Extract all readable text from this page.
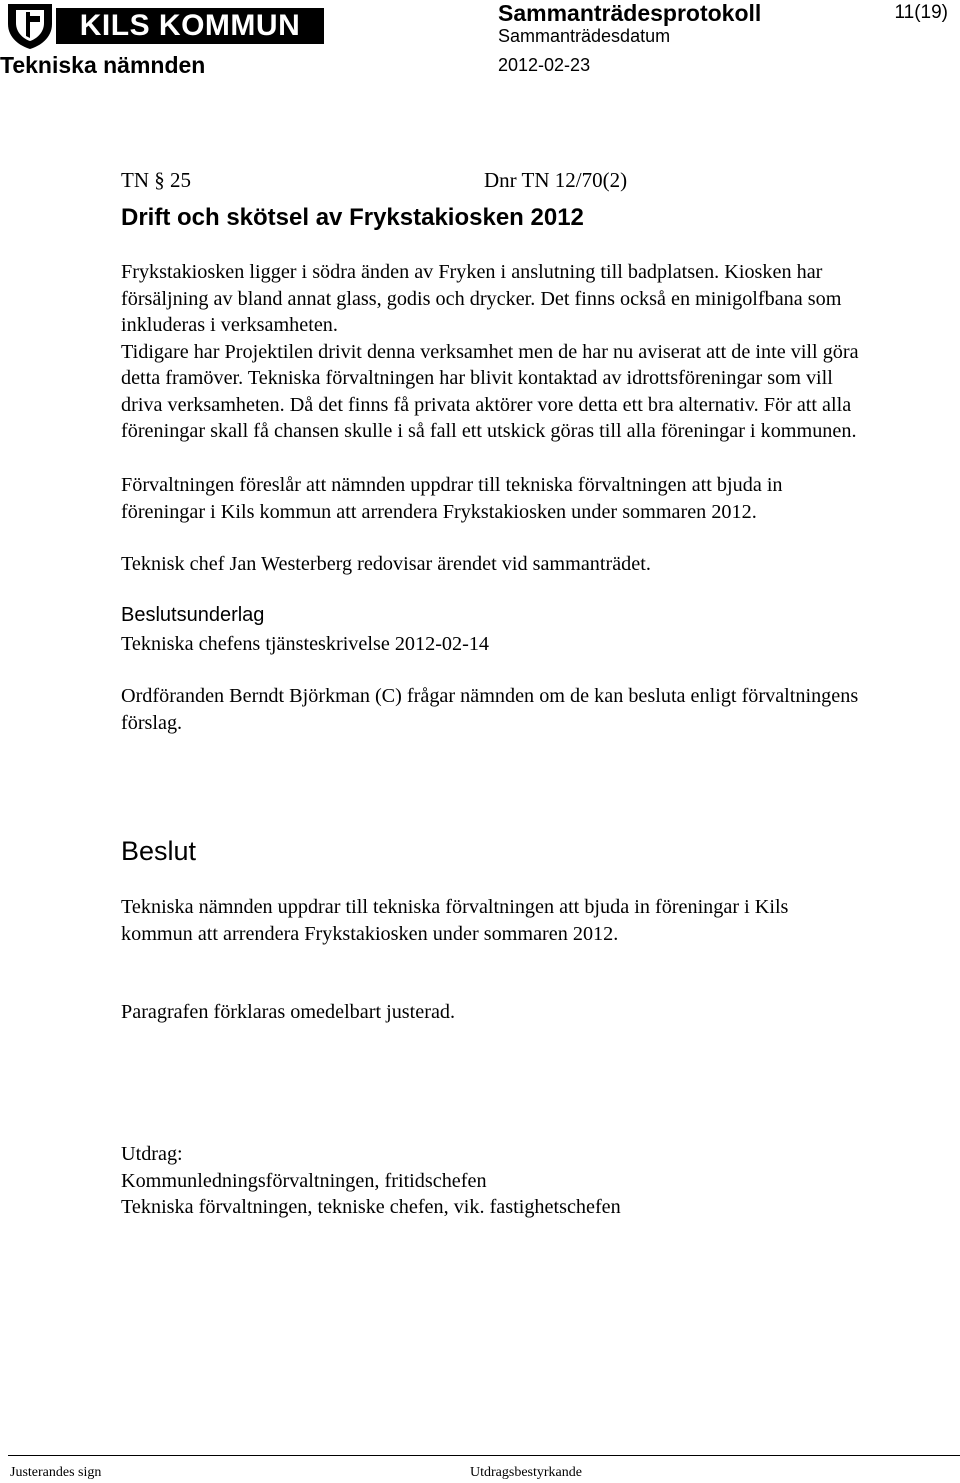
KILS KOMMUN
Tekniska nämnden
Sammanträdesprotokoll
Sammanträdesdatum
2012-02-23
11(19)
TN § 25	Dnr TN 12/70(2)
Drift och skötsel av Frykstakiosken 2012
Frykstakiosken ligger i södra änden av Fryken i anslutning till badplatsen. Kiosken har
försäljning av bland annat glass, godis och drycker. Det finns också en minigolfbana som
inkluderas i verksamheten.
Tidigare har Projektilen drivit denna verksamhet men de har nu aviserat att de inte vill göra
detta framöver. Tekniska förvaltningen har blivit kontaktad av idrottsföreningar som vill
driva verksamheten. Då det finns få privata aktörer vore detta ett bra alternativ. För att alla
föreningar skall få chansen skulle i så fall ett utskick göras till alla föreningar i kommunen.
Förvaltningen föreslår att nämnden uppdrar till tekniska förvaltningen att bjuda in
föreningar i Kils kommun att arrendera Frykstakiosken under sommaren 2012.
Teknisk chef Jan Westerberg redovisar ärendet vid sammanträdet.
Beslutsunderlag
Tekniska chefens tjänsteskrivelse 2012-02-14
Ordföranden Berndt Björkman (C) frågar nämnden om de kan besluta enligt förvaltningens
förslag.
Beslut
Tekniska nämnden uppdrar till tekniska förvaltningen att bjuda in föreningar i Kils
kommun att arrendera Frykstakiosken under sommaren 2012.
Paragrafen förklaras omedelbart justerad.
Utdrag:
Kommunledningsförvaltningen, fritidschefen
Tekniska förvaltningen, tekniske chefen, vik. fastighetschefen
Justerandes sign	Utdragsbestyrkande
